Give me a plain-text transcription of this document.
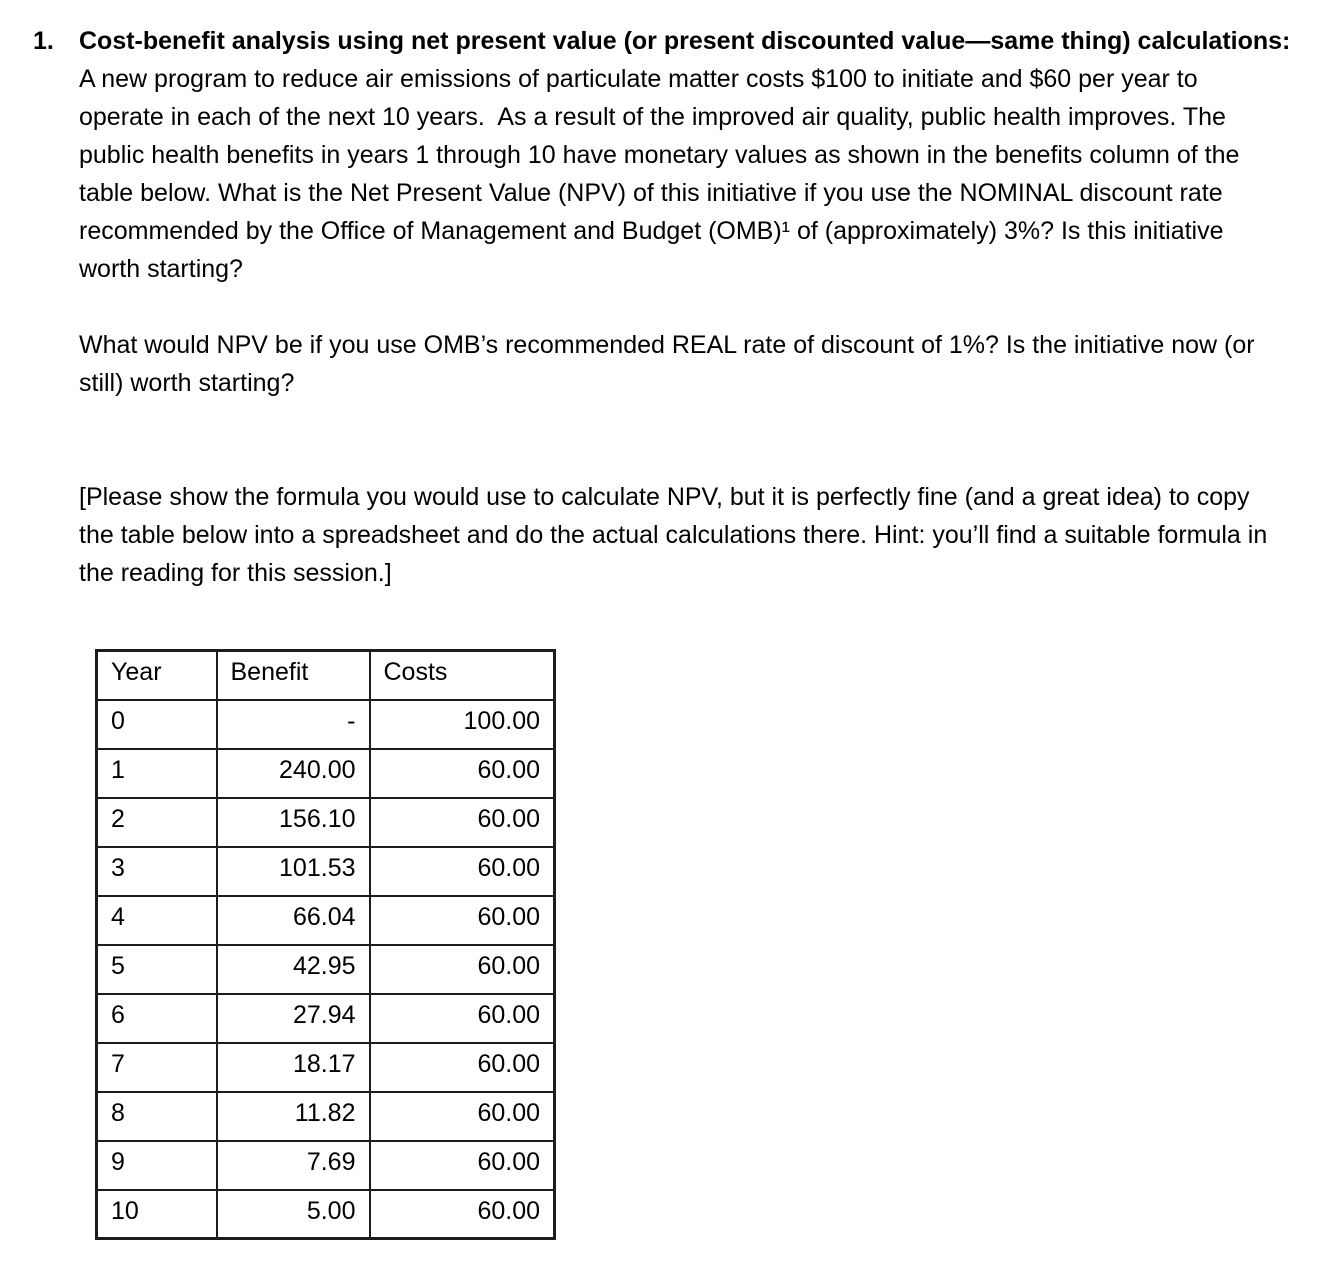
1.	Cost-benefit analysis using net present value (or present discounted value—same thing) calculations:
A new program to reduce air emissions of particulate matter costs $100 to initiate and $60 per year to
operate in each of the next 10 years.  As a result of the improved air quality, public health improves. The
public health benefits in years 1 through 10 have monetary values as shown in the benefits column of the
table below. What is the Net Present Value (NPV) of this initiative if you use the NOMINAL discount rate
recommended by the Office of Management and Budget (OMB)¹ of (approximately) 3%? Is this initiative
worth starting?
What would NPV be if you use OMB’s recommended REAL rate of discount of 1%? Is the initiative now (or
still) worth starting?
[Please show the formula you would use to calculate NPV, but it is perfectly fine (and a great idea) to copy
the table below into a spreadsheet and do the actual calculations there. Hint: you’ll find a suitable formula in
the reading for this session.]
Year	Benefit	Costs
0	-	100.00
1	240.00	60.00
2	156.10	60.00
3	101.53	60.00
4	66.04	60.00
5	42.95	60.00
6	27.94	60.00
7	18.17	60.00
8	11.82	60.00
9	7.69	60.00
10	5.00	60.00
